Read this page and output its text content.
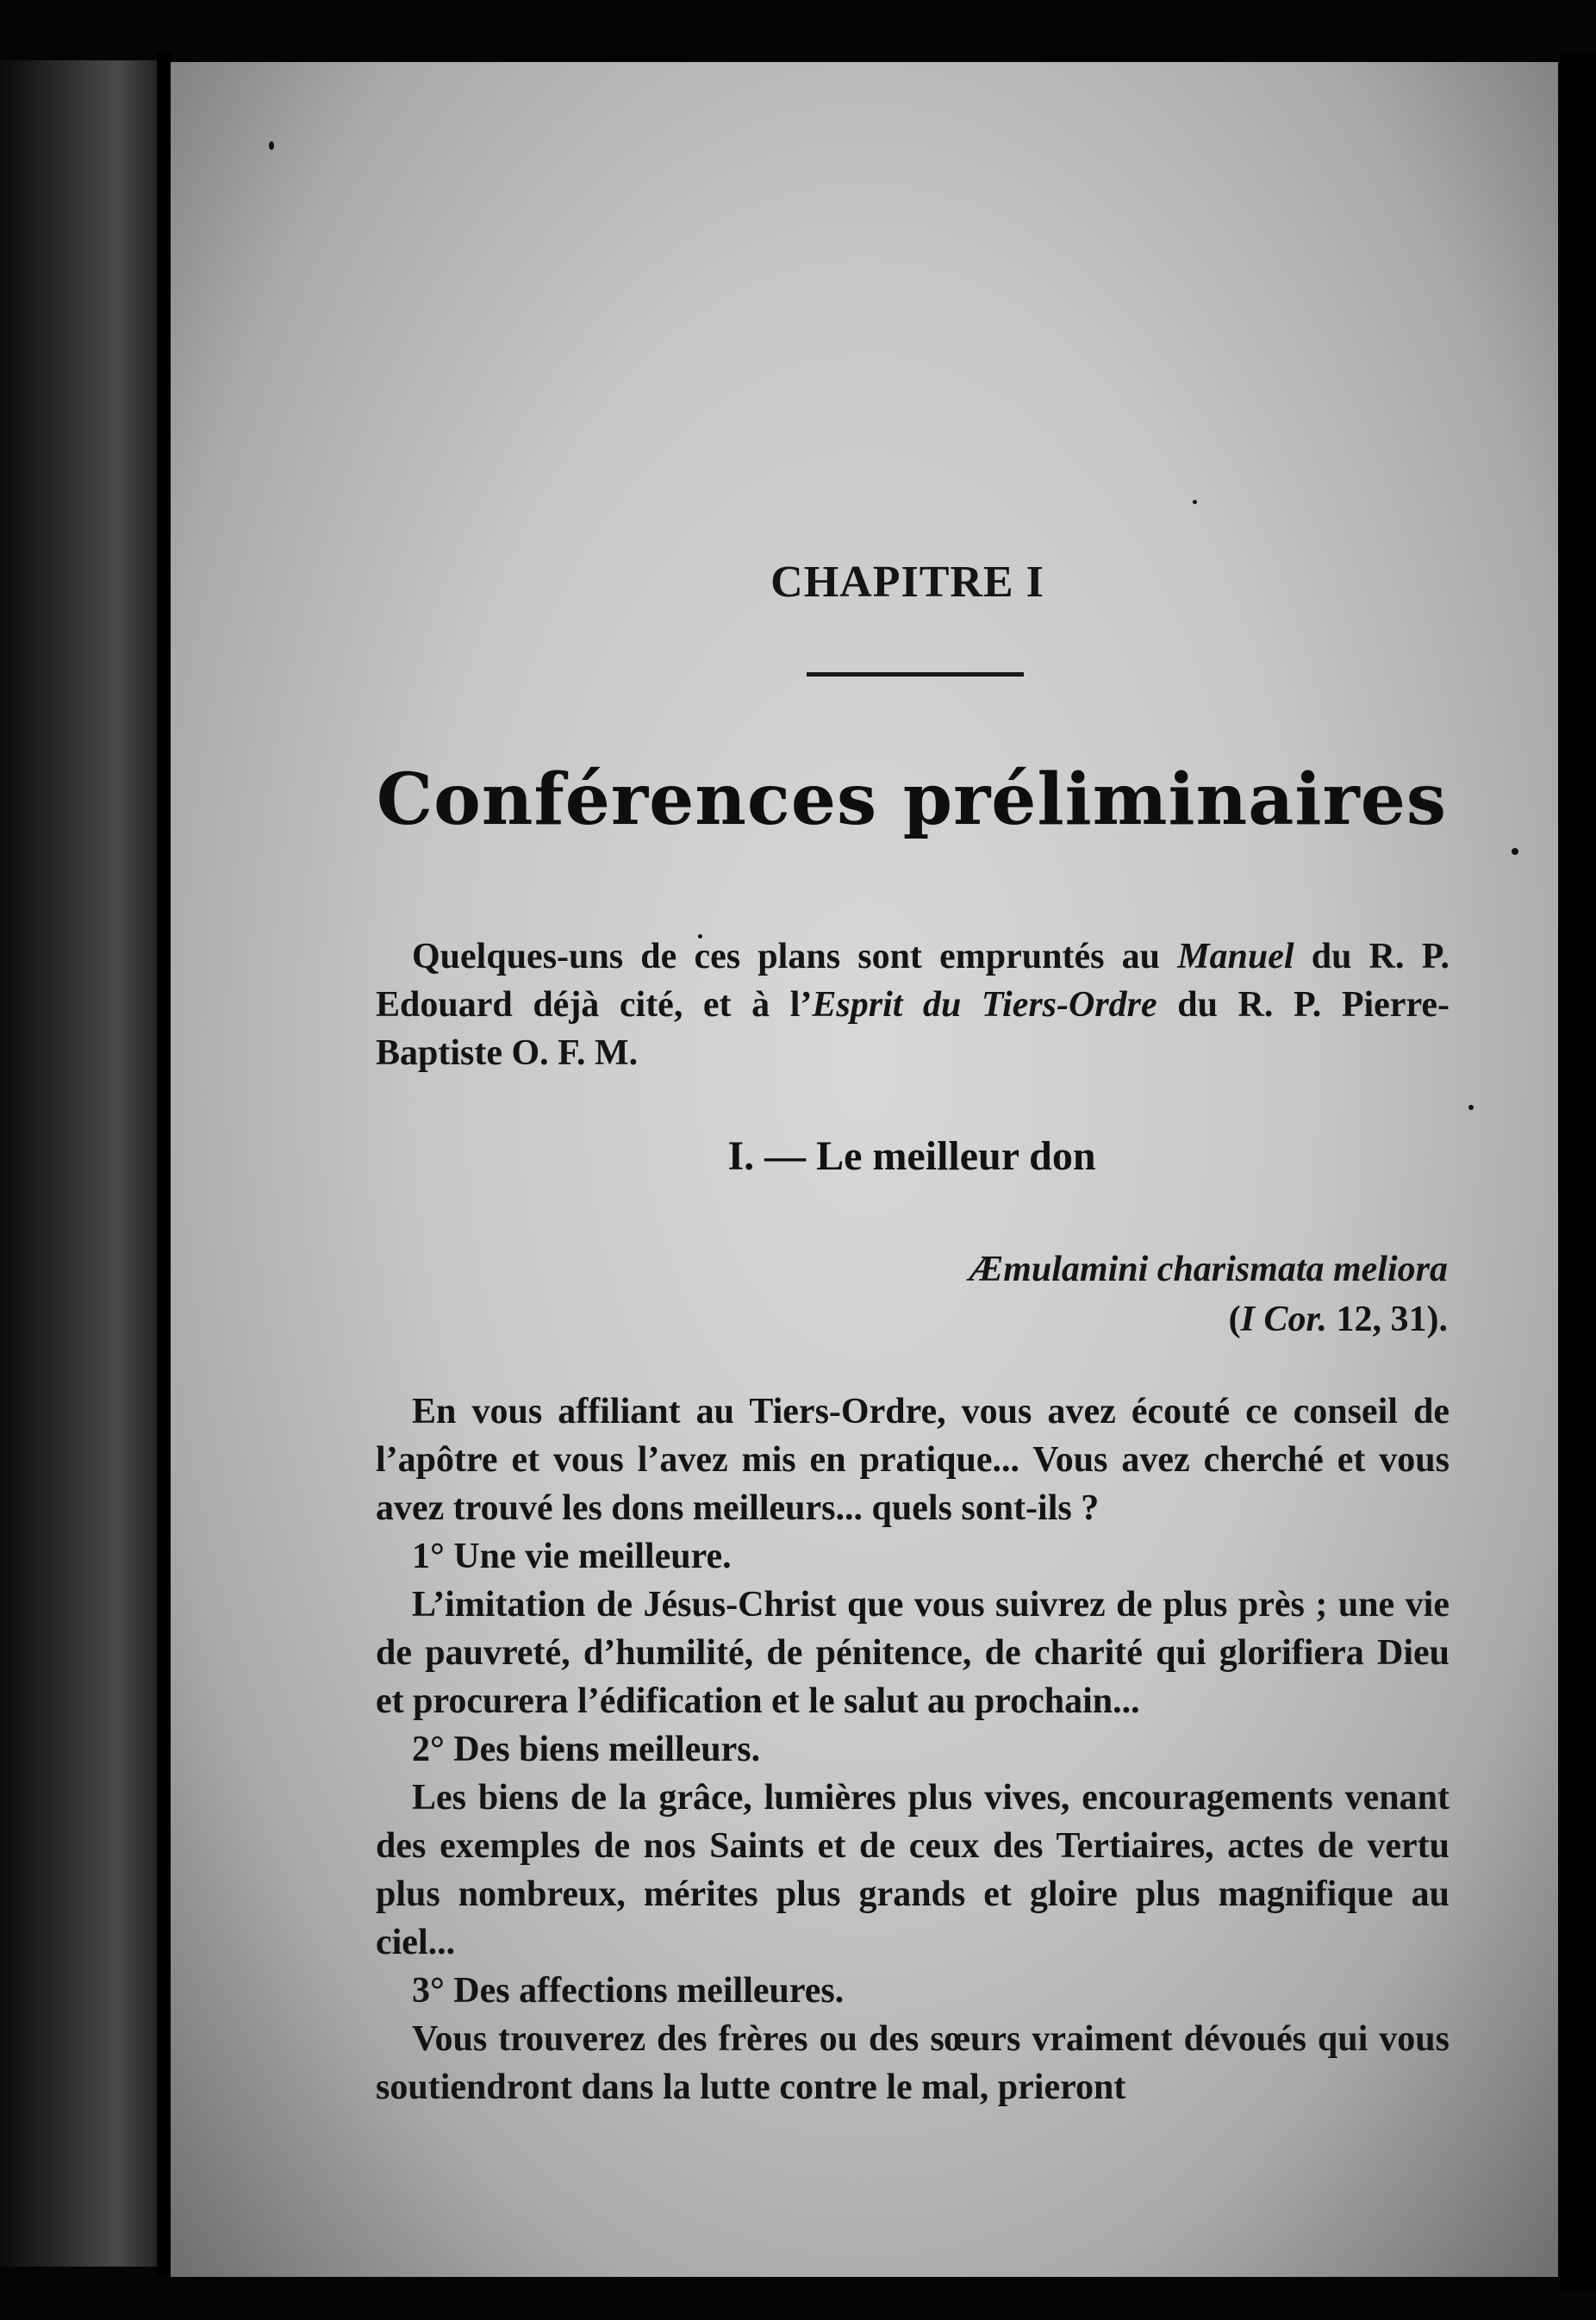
CHAPITRE I
Conférences préliminaires
Quelques-uns de ces plans sont empruntés au Manuel du R. P. Edouard déjà cité, et à l’Esprit du Tiers-Ordre du R. P. Pierre-Baptiste O. F. M.
I. — Le meilleur don
Æmulamini charismata meliora
(I Cor. 12, 31).

En vous affiliant au Tiers-Ordre, vous avez écouté ce conseil de l’apôtre et vous l’avez mis en pratique... Vous avez cherché et vous avez trouvé les dons meilleurs... quels sont-ils ?

1° Une vie meilleure.

L’imitation de Jésus-Christ que vous suivrez de plus près ; une vie de pauvreté, d’humilité, de pénitence, de charité qui glorifiera Dieu et procurera l’édification et le salut au prochain...

2° Des biens meilleurs.

Les biens de la grâce, lumières plus vives, encouragements venant des exemples de nos Saints et de ceux des Tertiaires, actes de vertu plus nombreux, mérites plus grands et gloire plus magnifique au ciel...

3° Des affections meilleures.

Vous trouverez des frères ou des sœurs vraiment dévoués qui vous soutiendront dans la lutte contre le mal, prieront
